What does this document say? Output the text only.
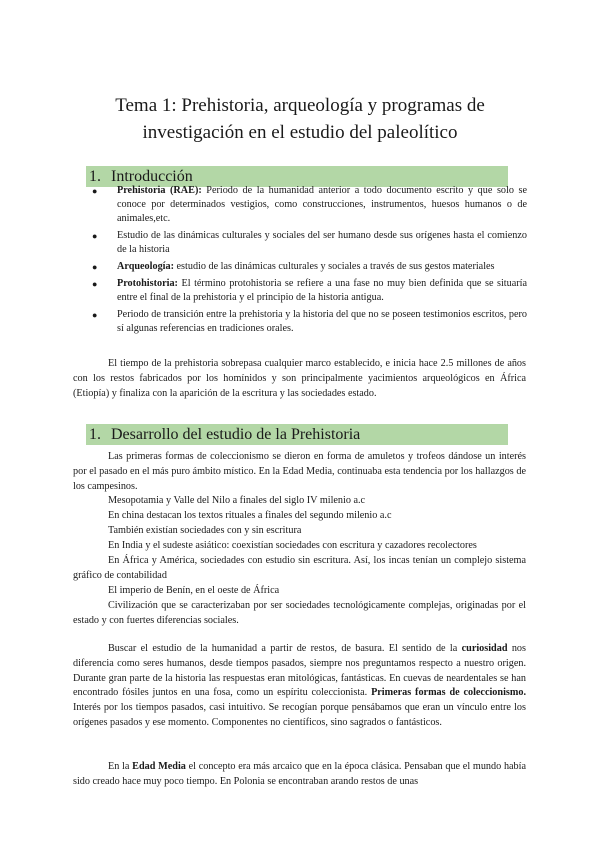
Tema 1: Prehistoria, arqueología y programas de
investigación en el estudio del paleolítico
1. Introducción
● Prehistoria (RAE): Periodo de la humanidad anterior a todo documento escrito y que solo se conoce por determinados vestigios, como construcciones, instrumentos, huesos humanos o de animales,etc.
● Estudio de las dinámicas culturales y sociales del ser humano desde sus orígenes hasta el comienzo de la historia
● Arqueología: estudio de las dinámicas culturales y sociales a través de sus gestos materiales
● Protohistoria: El término protohistoria se refiere a una fase no muy bien definida que se situaría entre el final de la prehistoria y el principio de la historia antigua.
● Periodo de transición entre la prehistoria y la historia del que no se poseen testimonios escritos, pero sí algunas referencias en tradiciones orales.

El tiempo de la prehistoria sobrepasa cualquier marco establecido, e inicia hace 2.5 millones de años con los restos fabricados por los homínidos y son principalmente yacimientos arqueológicos en África (Etiopía) y finaliza con la aparición de la escritura y las sociedades estado.

1. Desarrollo del estudio de la Prehistoria

Las primeras formas de coleccionismo se dieron en forma de amuletos y trofeos dándose un interés por el pasado en el más puro ámbito místico. En la Edad Media, continuaba esta tendencia por los hallazgos de los campesinos.

Mesopotamia y Valle del Nilo a finales del siglo IV milenio a.c

En china destacan los textos rituales a finales del segundo milenio a.c

También existían sociedades con y sin escritura

En India y el sudeste asiático: coexistían sociedades con escritura y cazadores recolectores

En África y América, sociedades con estudio sin escritura. Así, los incas tenían un complejo sistema gráfico de contabilidad

El imperio de Benín, en el oeste de África

Civilización que se caracterizaban por ser sociedades tecnológicamente complejas, originadas por el estado y con fuertes diferencias sociales.

Buscar el estudio de la humanidad a partir de restos, de basura. El sentido de la curiosidad nos diferencia como seres humanos, desde tiempos pasados, siempre nos preguntamos respecto a nuestro origen. Durante gran parte de la historia las respuestas eran mitológicas, fantásticas. En cuevas de neardentales se han encontrado fósiles juntos en una fosa, como un espíritu coleccionista. Primeras formas de coleccionismo. Interés por los tiempos pasados, casi intuitivo. Se recogían porque pensábamos que eran un vínculo entre los orígenes pasados y ese momento. Componentes no científicos, sino sagrados o fantásticos.

En la Edad Media el concepto era más arcaico que en la época clásica. Pensaban que el mundo había sido creado hace muy poco tiempo. En Polonia se encontraban arando restos de unas
